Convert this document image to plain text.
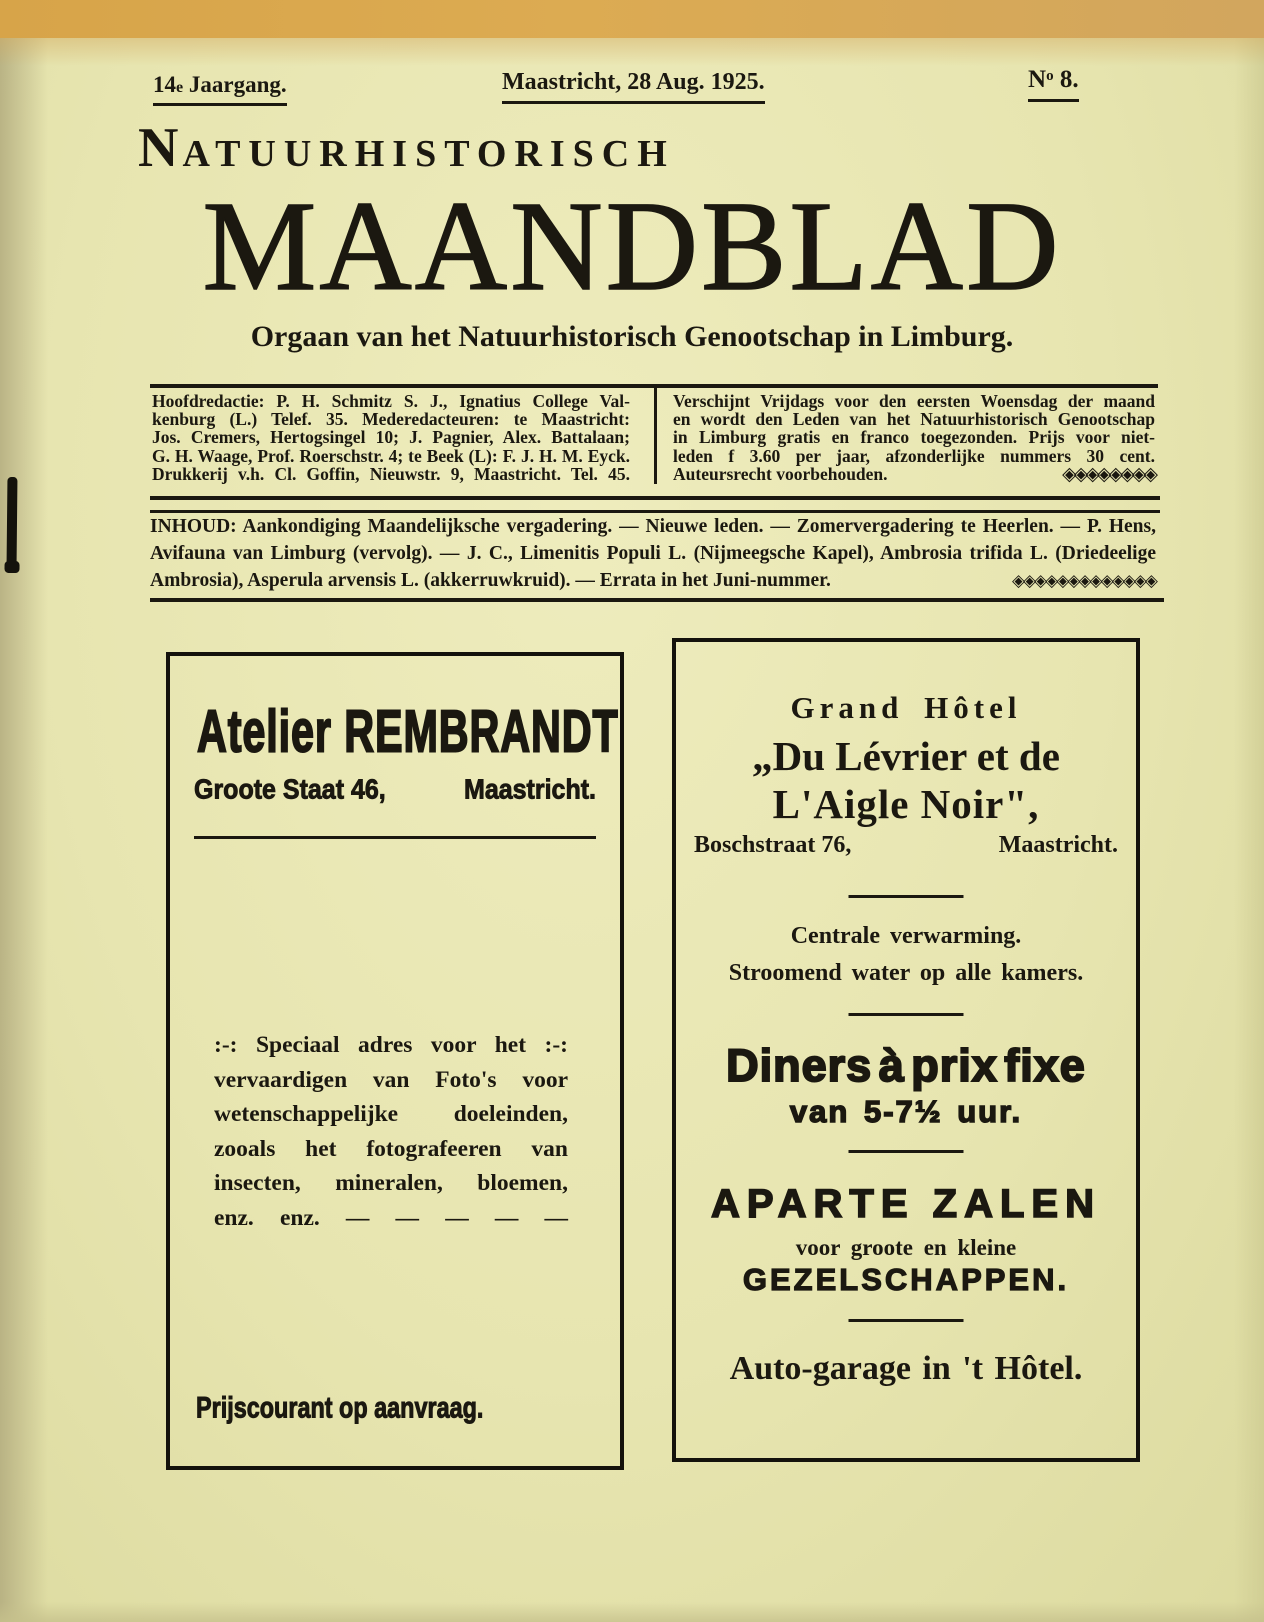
14e Jaargang.	Maastricht, 28 Aug. 1925.	$N^o$ 8.
NATUURHISTORISCH
MAANDBLAD
Orgaan van het Natuurhistorisch Genootschap in Limburg.
Hoofdredactie: P. H. Schmitz S. J., Ignatius College Val-
kenburg (L.) Telef. 35. Mederedacteuren: te Maastricht:
Jos. Cremers, Hertogsingel 10; J. Pagnier, Alex. Battalaan;
G. H. Waage, Prof. Roerschstr. 4; te Beek (L): F. J. H. M. Eyck.
Drukkerij v.h. Cl. Goffin, Nieuwstr. 9, Maastricht. Tel. 45.
Verschijnt Vrijdags voor den eersten Woensdag der maand
en wordt den Leden van het Natuurhistorisch Genootschap
in Limburg gratis en franco toegezonden. Prijs voor niet-
leden f 3.60 per jaar, afzonderlijke nummers 30 cent.
Auteursrecht voorbehouden.	◈◈◈◈◈◈◈◈
INHOUD: Aankondiging Maandelijksche vergadering. — Nieuwe leden. — Zomervergadering te Heerlen. — P. Hens,
Avifauna van Limburg (vervolg). — J. C., Limenitis Populi L. (Nijmeegsche Kapel), Ambrosia trifida L. (Driedeelige
Ambrosia), Asperula arvensis L. (akkerruwkruid). — Errata in het Juni-nummer.	◈◈◈◈◈◈◈◈◈◈◈◈◈
Atelier REMBRANDT
Groote Staat 46,	Maastricht.
:-: Speciaal adres voor het :-:
vervaardigen van Foto's voor
wetenschappelijke doeleinden,
zooals het fotografeeren van
insecten, mineralen, bloemen,
enz. enz. — — — — —
Prijscourant op aanvraag.
Grand Hôtel
„Du Lévrier et de
L'Aigle Noir",
Boschstraat 76,	Maastricht.
Centrale verwarming.
Stroomend water op alle kamers.
Diners à prix fixe
van 5-7½ uur.
APARTE ZALEN
voor groote en kleine
GEZELSCHAPPEN.
Auto-garage in 't Hôtel.
